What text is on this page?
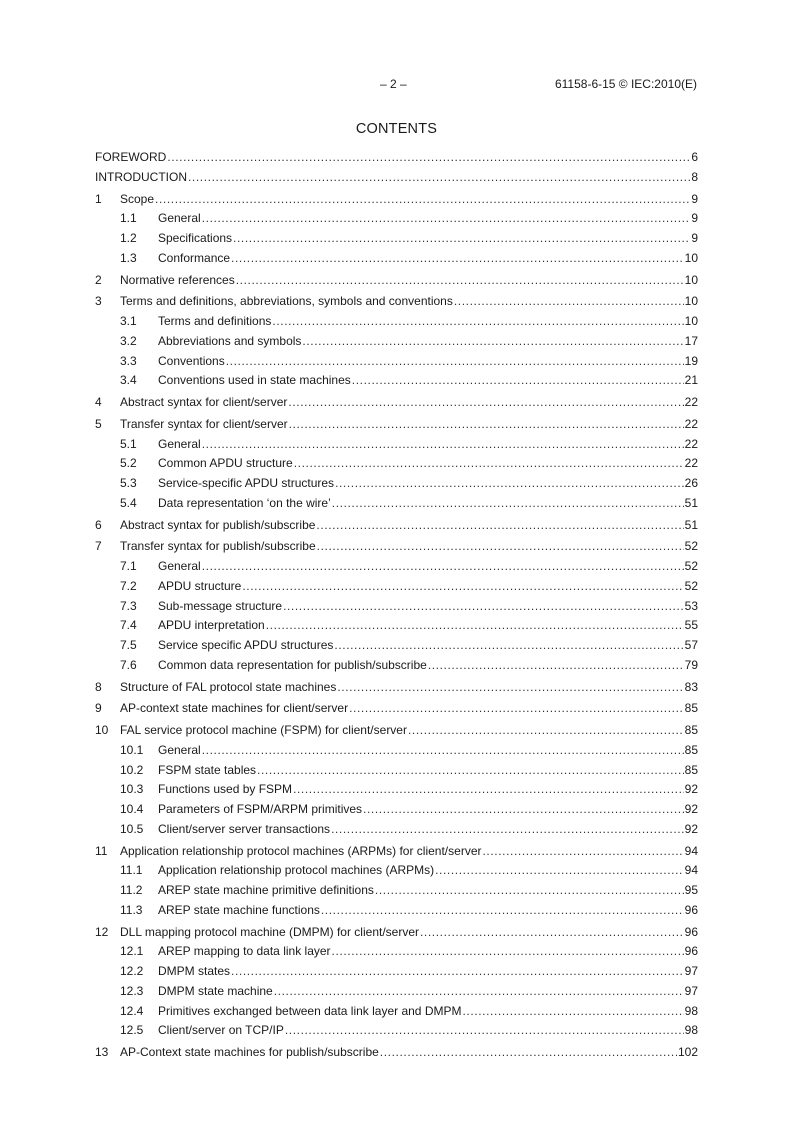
– 2 –	61158-6-15 © IEC:2010(E)
CONTENTS
FOREWORD .....	6
INTRODUCTION .....	8
1	Scope .....	9
1.1	General .....	9
1.2	Specifications .....	9
1.3	Conformance .....	10
2	Normative references .....	10
3	Terms and definitions, abbreviations, symbols and conventions .....	10
3.1	Terms and definitions .....	10
3.2	Abbreviations and symbols .....	17
3.3	Conventions .....	19
3.4	Conventions used in state machines .....	21
4	Abstract syntax for client/server .....	22
5	Transfer syntax for client/server .....	22
5.1	General .....	22
5.2	Common APDU structure .....	22
5.3	Service-specific APDU structures .....	26
5.4	Data representation ‘on the wire’ .....	51
6	Abstract syntax for publish/subscribe .....	51
7	Transfer syntax for publish/subscribe .....	52
7.1	General .....	52
7.2	APDU structure .....	52
7.3	Sub-message structure .....	53
7.4	APDU interpretation .....	55
7.5	Service specific APDU structures .....	57
7.6	Common data representation for publish/subscribe .....	79
8	Structure of FAL protocol state machines .....	83
9	AP-context state machines for client/server .....	85
10 FAL service protocol machine (FSPM) for client/server .....	85
10.1	General .....	85
10.2	FSPM state tables .....	85
10.3	Functions used by FSPM .....	92
10.4	Parameters of FSPM/ARPM primitives .....	92
10.5	Client/server server transactions .....	92
11	Application relationship protocol machines (ARPMs) for client/server .....	94
11.1	Application relationship protocol machines (ARPMs) .....	94
11.2	AREP state machine primitive definitions .....	95
11.3	AREP state machine functions .....	96
12 DLL mapping protocol machine (DMPM) for client/server .....	96
12.1	AREP mapping to data link layer .....	96
12.2	DMPM states .....	97
12.3	DMPM state machine .....	97
12.4	Primitives exchanged between data link layer and DMPM .....	98
12.5	Client/server on TCP/IP .....	98
13 AP-Context state machines for publish/subscribe .....	102
